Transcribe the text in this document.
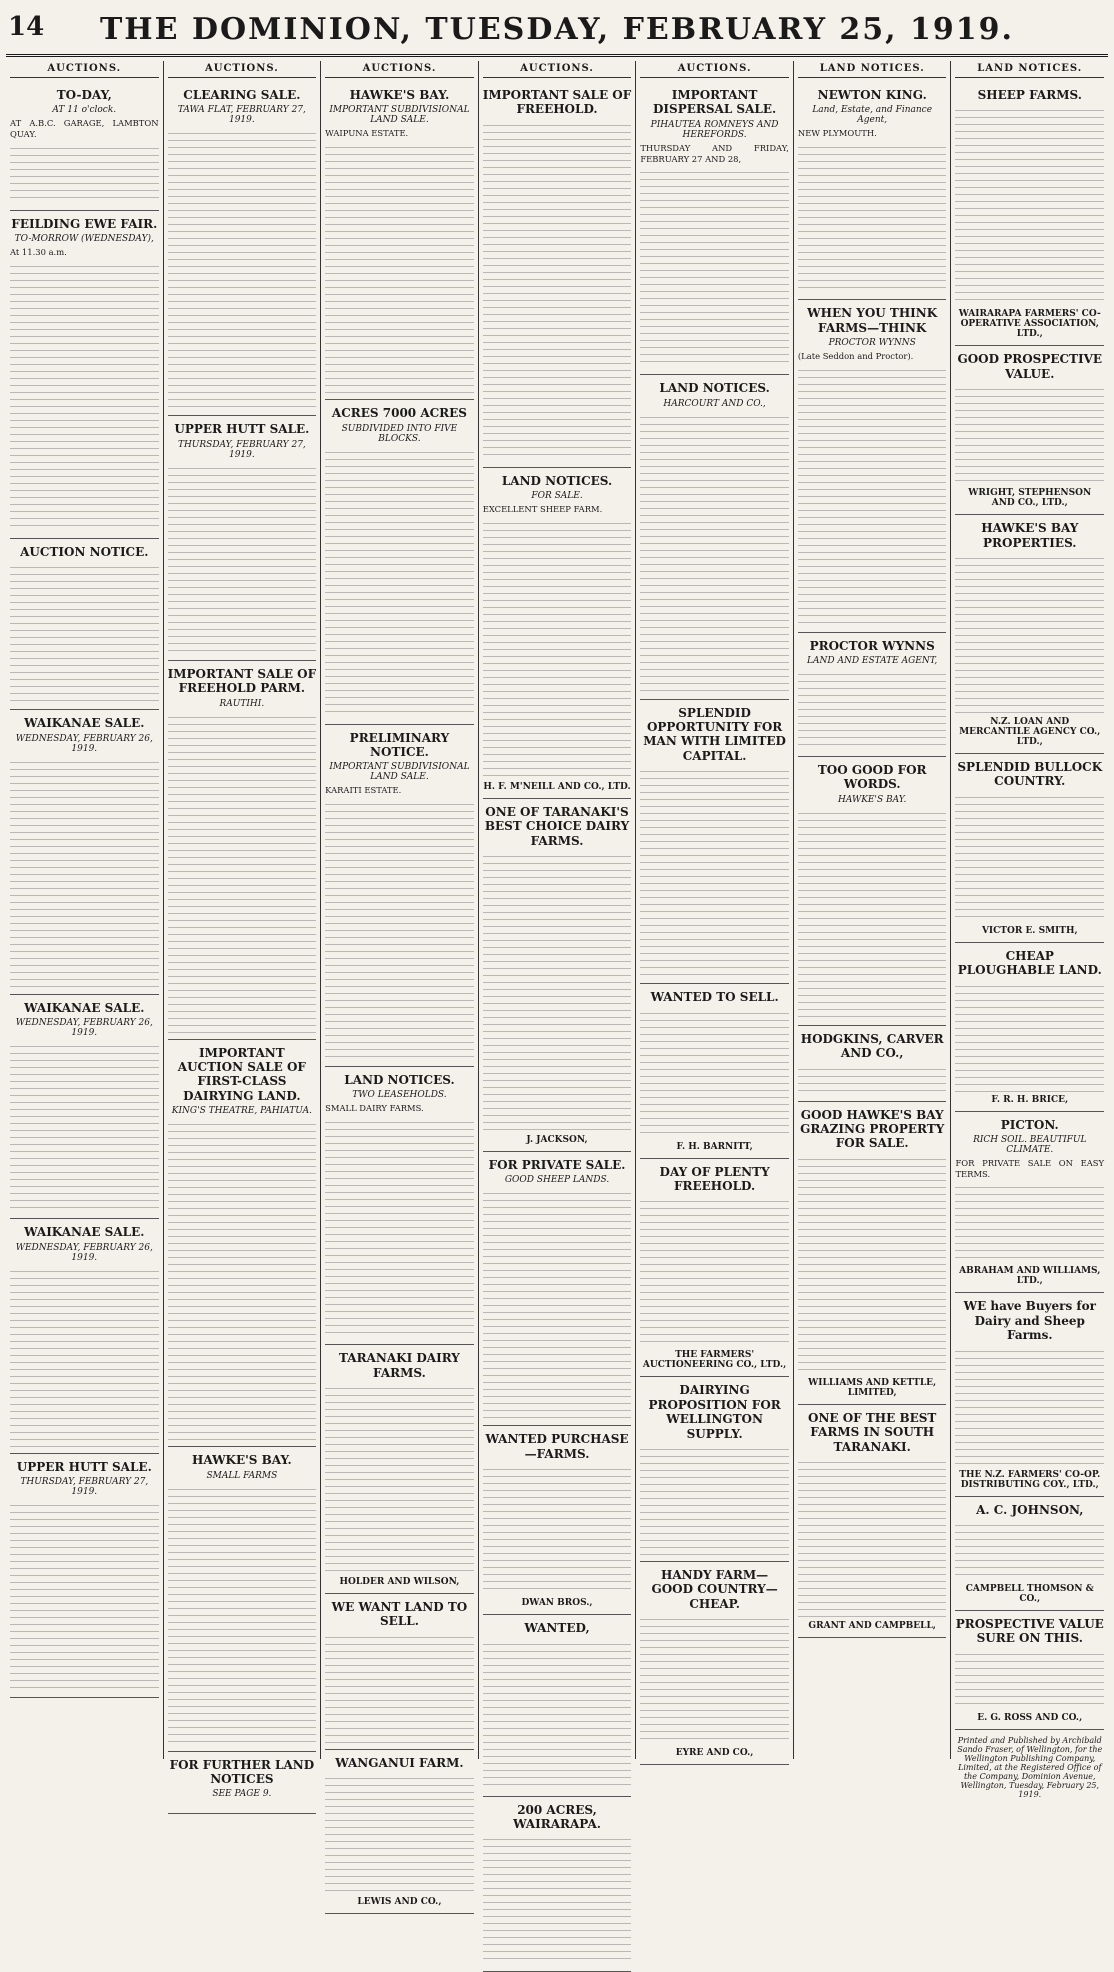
14 THE DOMINION, TUESDAY, FEBRUARY 25, 1919.
AUCTIONS.
TO-DAY,
AT 11 o'clock.

AT A.B.C. GARAGE, LAMBTON QUAY.

FEILDING EWE FAIR.
TO-MORROW (WEDNESDAY),

At 11.30 a.m.

AUCTION NOTICE.
WAIKANAE SALE.
WEDNESDAY, FEBRUARY 26, 1919.
WAIKANAE SALE.
WEDNESDAY, FEBRUARY 26, 1919.
WAIKANAE SALE.
WEDNESDAY, FEBRUARY 26, 1919.
UPPER HUTT SALE.
THURSDAY, FEBRUARY 27, 1919.
AUCTIONS.
CLEARING SALE.
TAWA FLAT, FEBRUARY 27, 1919.
UPPER HUTT SALE.
THURSDAY, FEBRUARY 27, 1919.
IMPORTANT SALE OF FREEHOLD PARM.
RAUTIHI.
IMPORTANT AUCTION SALE OF FIRST-CLASS DAIRYING LAND.
KING'S THEATRE, PAHIATUA.
HAWKE'S BAY.
SMALL FARMS
FOR FURTHER LAND NOTICES
SEE PAGE 9.
AUCTIONS.
HAWKE'S BAY.
IMPORTANT SUBDIVISIONAL LAND SALE.

WAIPUNA ESTATE.

ACRES 7000 ACRES
SUBDIVIDED INTO FIVE BLOCKS.
PRELIMINARY NOTICE.
IMPORTANT SUBDIVISIONAL LAND SALE.

KARAITI ESTATE.

LAND NOTICES.
TWO LEASEHOLDS.

SMALL DAIRY FARMS.

TARANAKI DAIRY FARMS.
HOLDER AND WILSON,
WE WANT LAND TO SELL.
WANGANUI FARM.
LEWIS AND CO.,
AUCTIONS.
IMPORTANT SALE OF FREEHOLD.
LAND NOTICES.
FOR SALE.

EXCELLENT SHEEP FARM.

H. F. M'NEILL AND CO., LTD.
ONE OF TARANAKI'S BEST CHOICE DAIRY FARMS.
J. JACKSON,
FOR PRIVATE SALE.
GOOD SHEEP LANDS.
WANTED PURCHASE—FARMS.
DWAN BROS.,
WANTED,
200 ACRES, WAIRARAPA.
AUCTIONS.
IMPORTANT DISPERSAL SALE.
PIHAUTEA ROMNEYS AND HEREFORDS.

THURSDAY AND FRIDAY, FEBRUARY 27 AND 28,

LAND NOTICES.
HARCOURT AND CO.,
SPLENDID OPPORTUNITY FOR MAN WITH LIMITED CAPITAL.
WANTED TO SELL.
F. H. BARNITT,
DAY OF PLENTY FREEHOLD.
THE FARMERS' AUCTIONEERING CO., LTD.,
DAIRYING PROPOSITION FOR WELLINGTON SUPPLY.
HANDY FARM—GOOD COUNTRY—CHEAP.
EYRE AND CO.,
LAND NOTICES.
NEWTON KING.
Land, Estate, and Finance Agent,

NEW PLYMOUTH.

WHEN YOU THINK FARMS—THINK
PROCTOR WYNNS

(Late Seddon and Proctor).

PROCTOR WYNNS
LAND AND ESTATE AGENT,
TOO GOOD FOR WORDS.
HAWKE'S BAY.
HODGKINS, CARVER AND CO.,
GOOD HAWKE'S BAY GRAZING PROPERTY FOR SALE.
WILLIAMS AND KETTLE, LIMITED,
ONE OF THE BEST FARMS IN SOUTH TARANAKI.
GRANT AND CAMPBELL,
LAND NOTICES.
SHEEP FARMS.
WAIRARAPA FARMERS' CO-OPERATIVE ASSOCIATION, LTD.,
GOOD PROSPECTIVE VALUE.
WRIGHT, STEPHENSON AND CO., LTD.,
HAWKE'S BAY PROPERTIES.
N.Z. LOAN AND MERCANTILE AGENCY CO., LTD.,
SPLENDID BULLOCK COUNTRY.
VICTOR E. SMITH,
CHEAP PLOUGHABLE LAND.
F. R. H. BRICE,
PICTON.
RICH SOIL. BEAUTIFUL CLIMATE.

FOR PRIVATE SALE ON EASY TERMS.

ABRAHAM AND WILLIAMS, LTD.,
WE have Buyers for Dairy and Sheep Farms.
THE N.Z. FARMERS' CO-OP. DISTRIBUTING COY., LTD.,
A. C. JOHNSON,
CAMPBELL THOMSON & CO.,
PROSPECTIVE VALUE SURE ON THIS.
E. G. ROSS AND CO.,
Printed and Published by Archibald Sando Fraser, of Wellington, for the Wellington Publishing Company, Limited, at the Registered Office of the Company, Dominion Avenue, Wellington, Tuesday, February 25, 1919.
